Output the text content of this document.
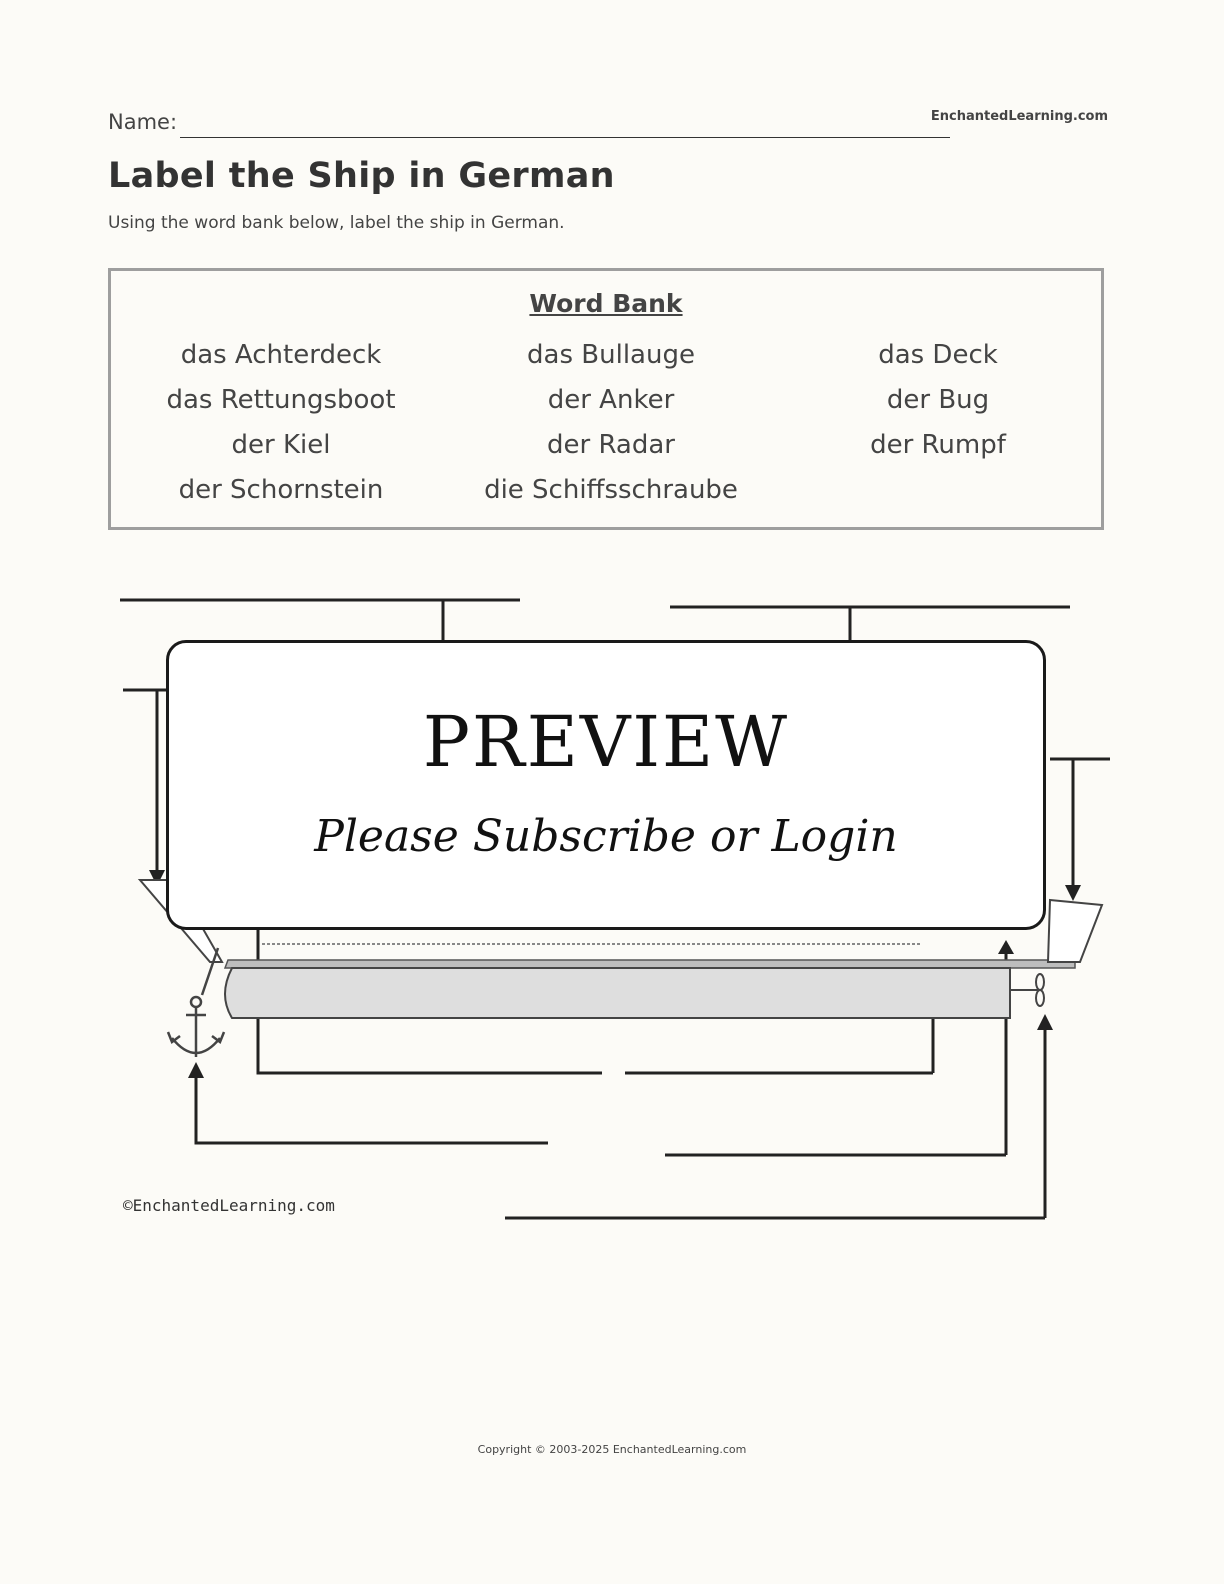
Name:	EnchantedLearning.com
Label the Ship in German
Using the word bank below, label the ship in German.
Word Bank
das Achterdeck	das Bullauge	das Deck
das Rettungsboot	der Anker	der Bug
der Kiel	der Radar	der Rumpf
der Schornstein	die Schiffsschraube
PREVIEW
Please Subscribe or Login
©EnchantedLearning.com
Copyright © 2003-2025 EnchantedLearning.com
